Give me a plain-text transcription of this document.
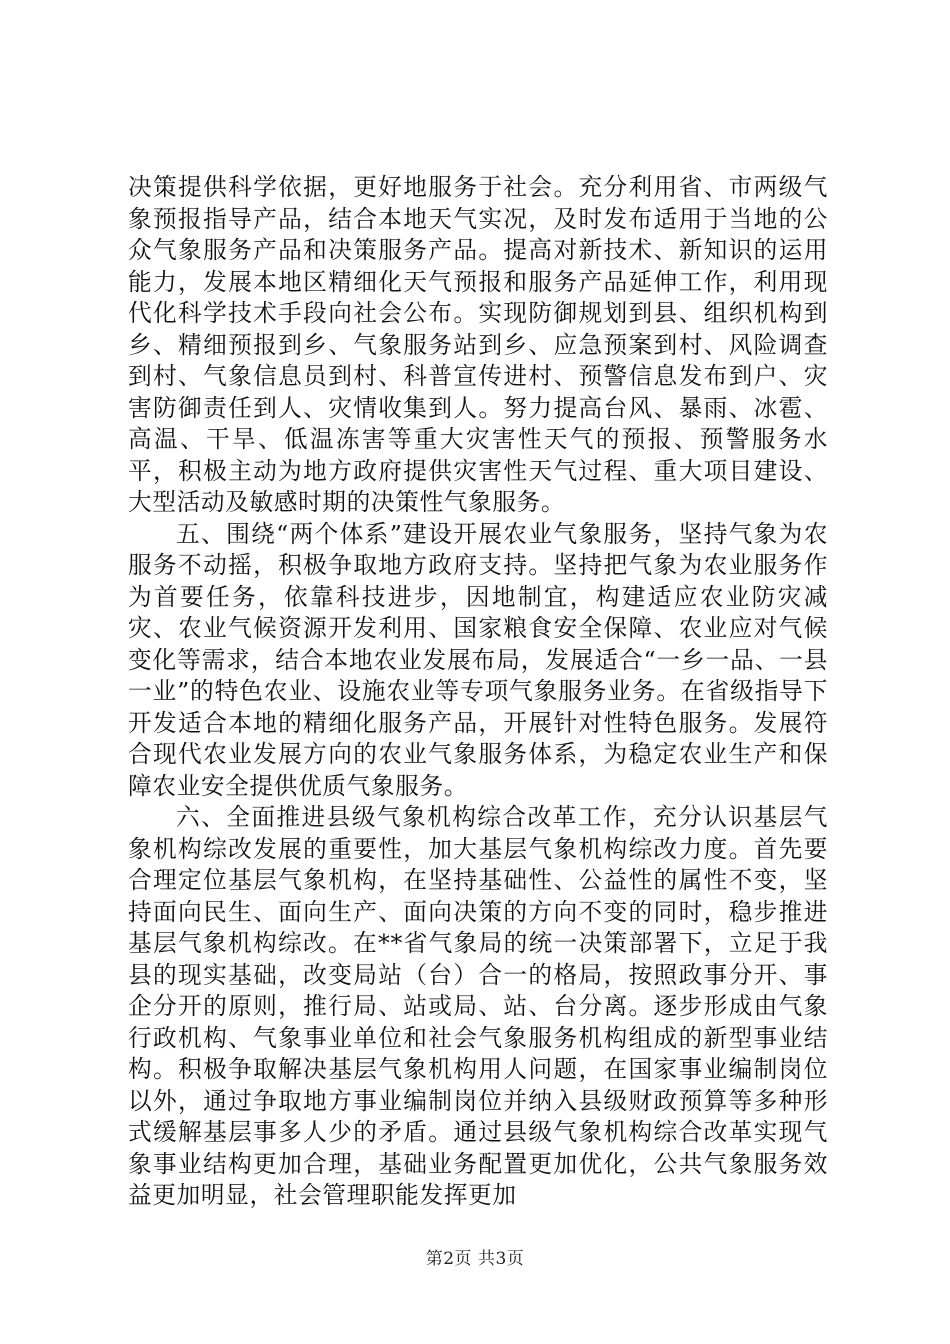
决策提供科学依据，更好地服务于社会。充分利用省、市两级气象预报指导产品，结合本地天气实况，及时发布适用于当地的公众气象服务产品和决策服务产品。提高对新技术、新知识的运用能力，发展本地区精细化天气预报和服务产品延伸工作，利用现代化科学技术手段向社会公布。实现防御规划到县、组织机构到乡、精细预报到乡、气象服务站到乡、应急预案到村、风险调查到村、气象信息员到村、科普宣传进村、预警信息发布到户、灾害防御责任到人、灾情收集到人。努力提高台风、暴雨、冰雹、高温、干旱、低温冻害等重大灾害性天气的预报、预警服务水平，积极主动为地方政府提供灾害性天气过程、重大项目建设、大型活动及敏感时期的决策性气象服务。

五、围绕“两个体系”建设开展农业气象服务，坚持气象为农服务不动摇，积极争取地方政府支持。坚持把气象为农业服务作为首要任务，依靠科技进步，因地制宜，构建适应农业防灾减灾、农业气候资源开发利用、国家粮食安全保障、农业应对气候变化等需求，结合本地农业发展布局，发展适合“一乡一品、一县一业”的特色农业、设施农业等专项气象服务业务。在省级指导下开发适合本地的精细化服务产品，开展针对性特色服务。发展符合现代农业发展方向的农业气象服务体系，为稳定农业生产和保障农业安全提供优质气象服务。

六、全面推进县级气象机构综合改革工作，充分认识基层气象机构综改发展的重要性，加大基层气象机构综改力度。首先要合理定位基层气象机构，在坚持基础性、公益性的属性不变，坚持面向民生、面向生产、面向决策的方向不变的同时，稳步推进基层气象机构综改。在**省气象局的统一决策部署下，立足于我县的现实基础，改变局站（台）合一的格局，按照政事分开、事企分开的原则，推行局、站或局、站、台分离。逐步形成由气象行政机构、气象事业单位和社会气象服务机构组成的新型事业结构。积极争取解决基层气象机构用人问题，在国家事业编制岗位以外，通过争取地方事业编制岗位并纳入县级财政预算等多种形式缓解基层事多人少的矛盾。通过县级气象机构综合改革实现气象事业结构更加合理，基础业务配置更加优化，公共气象服务效益更加明显，社会管理职能发挥更加

第2页 共3页
